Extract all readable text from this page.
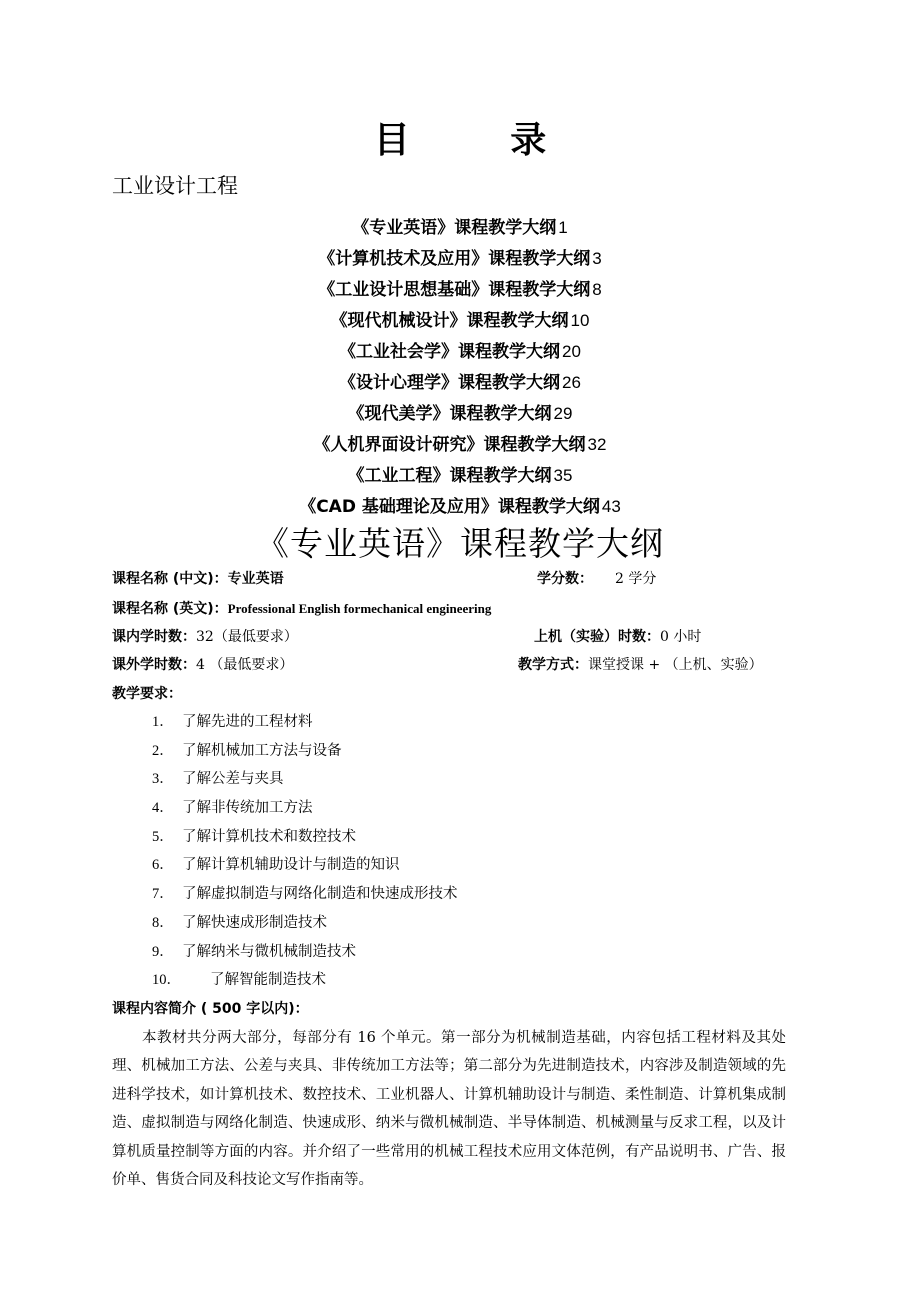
目 录
工业设计工程
《专业英语》课程教学大纲 1
《计算机技术及应用》课程教学大纲 3
《工业设计思想基础》课程教学大纲 8
《现代机械设计》课程教学大纲 10
《工业社会学》课程教学大纲 20
《设计心理学》课程教学大纲 26
《现代美学》课程教学大纲 29
《人机界面设计研究》课程教学大纲 32
《工业工程》课程教学大纲 35
《CAD 基础理论及应用》课程教学大纲 43
《专业英语》课程教学大纲
课程名称 (中文)：专业英语	学分数： 2 学分
课程名称 (英文)：Professional English formechanical engineering
课内学时数：32（最低要求）	上机（实验）时数：0 小时
课外学时数：4 （最低要求）	教学方式：课堂授课 + （上机、实验）
教学要求：
1． 了解先进的工程材料
2． 了解机械加工方法与设备
3． 了解公差与夹具
4． 了解非传统加工方法
5． 了解计算机技术和数控技术
6． 了解计算机辅助设计与制造的知识
7． 了解虚拟制造与网络化制造和快速成形技术
8． 了解快速成形制造技术
9． 了解纳米与微机械制造技术
10． 了解智能制造技术
课程内容简介 ( 500 字以内)：

本教材共分两大部分，每部分有 16 个单元。第一部分为机械制造基础，内容包括工程材料及其处理、机械加工方法、公差与夹具、非传统加工方法等；第二部分为先进制造技术，内容涉及制造领域的先进科学技术，如计算机技术、数控技术、工业机器人、计算机辅助设计与制造、柔性制造、计算机集成制造、虚拟制造与网络化制造、快速成形、纳米与微机械制造、半导体制造、机械测量与反求工程，以及计算机质量控制等方面的内容。并介绍了一些常用的机械工程技术应用文体范例，有产品说明书、广告、报价单、售货合同及科技论文写作指南等。
